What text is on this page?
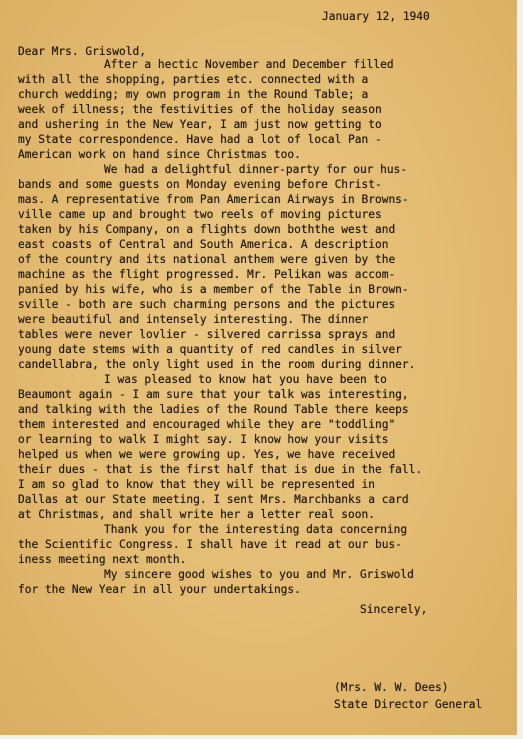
January 12, 1940
Dear Mrs. Griswold,
After a hectic November and December filled
with all the shopping, parties etc. connected with a
church wedding; my own program in the Round Table; a
week of illness; the festivities of the holiday season
and ushering in the New Year, I am just now getting to
my State correspondence. Have had a lot of local Pan -
American work on hand since Christmas too.
We had a delightful dinner-party for our hus-
bands and some guests on Monday evening before Christ-
mas. A representative from Pan American Airways in Browns-
ville came up and brought two reels of moving pictures
taken by his Company, on a flights down boththe west and
east coasts of Central and South America. A description
of the country and its national anthem were given by the
machine as the flight progressed. Mr. Pelikan was accom-
panied by his wife, who is a member of the Table in Brown-
sville - both are such charming persons and the pictures
were beautiful and intensely interesting. The dinner
tables were never lovlier - silvered carrissa sprays and
young date stems with a quantity of red candles in silver
candellabra, the only light used in the room during dinner.
I was pleased to know hat you have been to
Beaumont again - I am sure that your talk was interesting,
and talking with the ladies of the Round Table there keeps
them interested and encouraged while they are "toddling"
or learning to walk I might say. I know how your visits
helped us when we were growing up. Yes, we have received
their dues - that is the first half that is due in the fall.
I am so glad to know that they will be represented in
Dallas at our State meeting. I sent Mrs. Marchbanks a card
at Christmas, and shall write her a letter real soon.
Thank you for the interesting data concerning
the Scientific Congress. I shall have it read at our bus-
iness meeting next month.
My sincere good wishes to you and Mr. Griswold
for the New Year in all your undertakings.
Sincerely,
(Mrs. W. W. Dees)
State Director General
